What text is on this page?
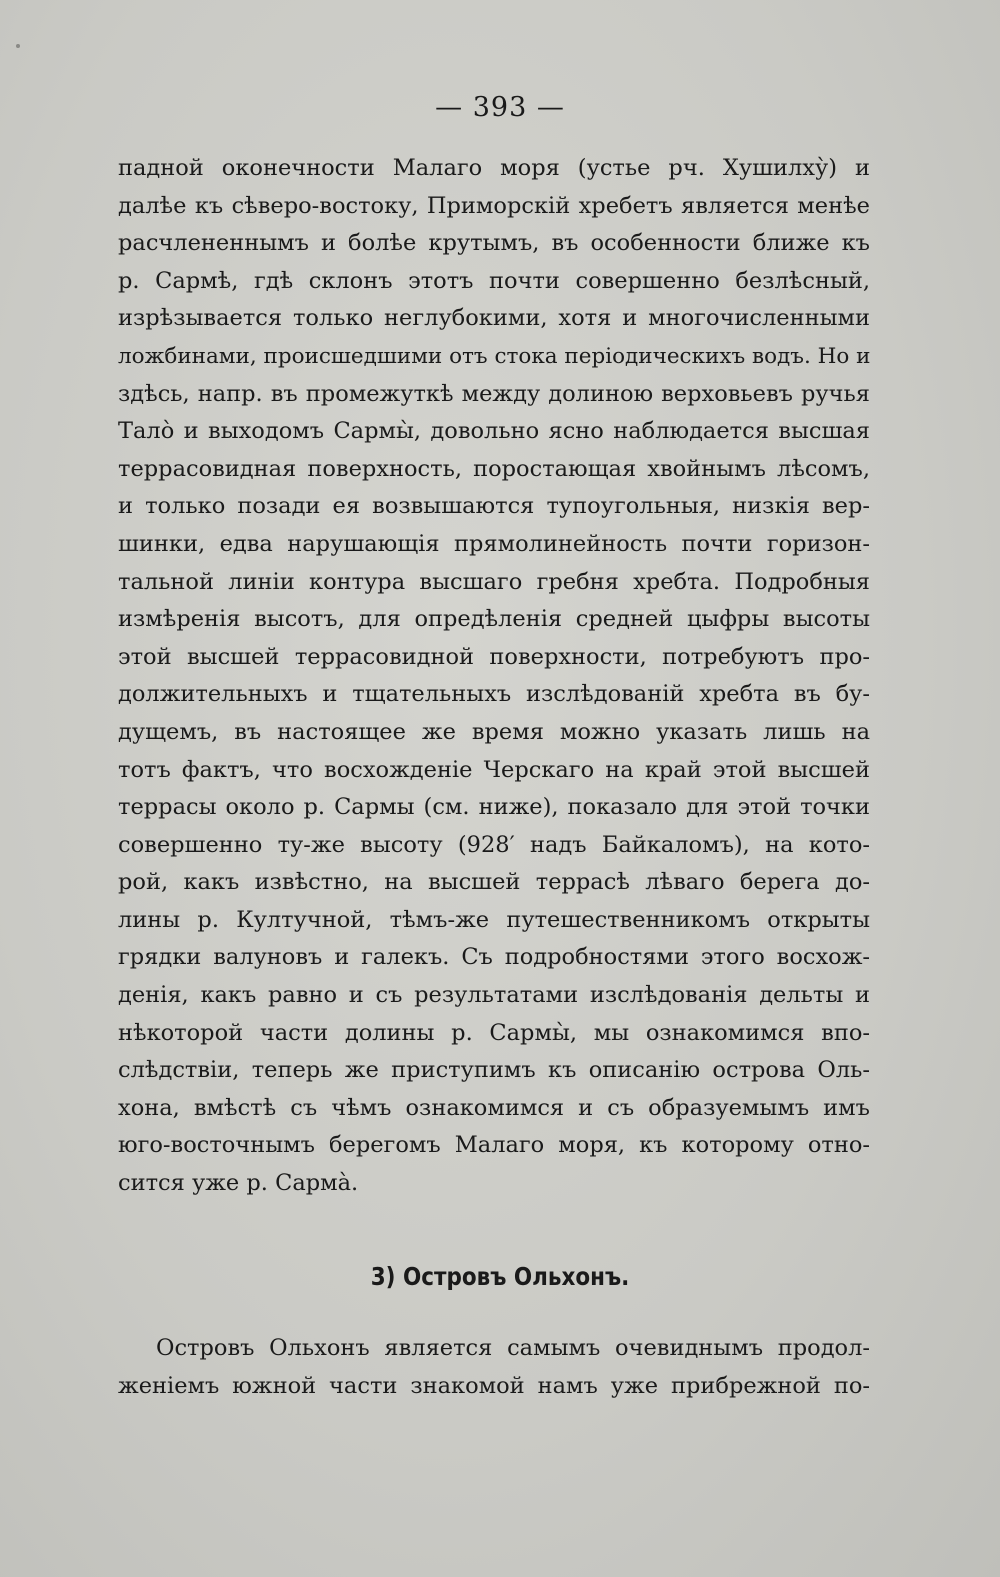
— 393 —
падной оконечности Малаго моря (устье рч. Хушилху̀) и
далѣе къ сѣверо-востоку, Приморскій хребетъ является менѣе
расчлененнымъ и болѣе крутымъ, въ особенности ближе къ
р. Сармѣ, гдѣ склонъ этотъ почти совершенно безлѣсный,
изрѣзывается только неглубокими, хотя и многочисленными
ложбинами, происшедшими отъ стока періодическихъ водъ. Но и
здѣсь, напр. въ промежуткѣ между долиною верховьевъ ручья
Тало̀ и выходомъ Сармы̀, довольно ясно наблюдается высшая
террасовидная поверхность, поростающая хвойнымъ лѣсомъ,
и только позади ея возвышаются тупоугольныя, низкія вер-
шинки, едва нарушающія прямолинейность почти горизон-
тальной линіи контура высшаго гребня хребта. Подробныя
измѣренія высотъ, для опредѣленія средней цыфры высоты
этой высшей террасовидной поверхности, потребуютъ про-
должительныхъ и тщательныхъ изслѣдованій хребта въ бу-
дущемъ, въ настоящее же время можно указать лишь на
тотъ фактъ, что восхожденіе Черскаго на край этой высшей
террасы около р. Сармы (см. ниже), показало для этой точки
совершенно ту-же высоту (928′ надъ Байкаломъ), на кото-
рой, какъ извѣстно, на высшей террасѣ лѣваго берега до-
лины р. Култучной, тѣмъ-же путешественникомъ открыты
грядки валуновъ и галекъ. Съ подробностями этого восхож-
денія, какъ равно и съ результатами изслѣдованія дельты и
нѣкоторой части долины р. Сармы̀, мы ознакомимся впо-
слѣдствіи, теперь же приступимъ къ описанію острова Оль-
хона, вмѣстѣ съ чѣмъ ознакомимся и съ образуемымъ имъ
юго-восточнымъ берегомъ Малаго моря, къ которому отно-
сится уже р. Сарма̀.
3) Островъ Ольхонъ.
Островъ Ольхонъ является самымъ очевиднымъ продол-
женіемъ южной части знакомой намъ уже прибрежной по-
